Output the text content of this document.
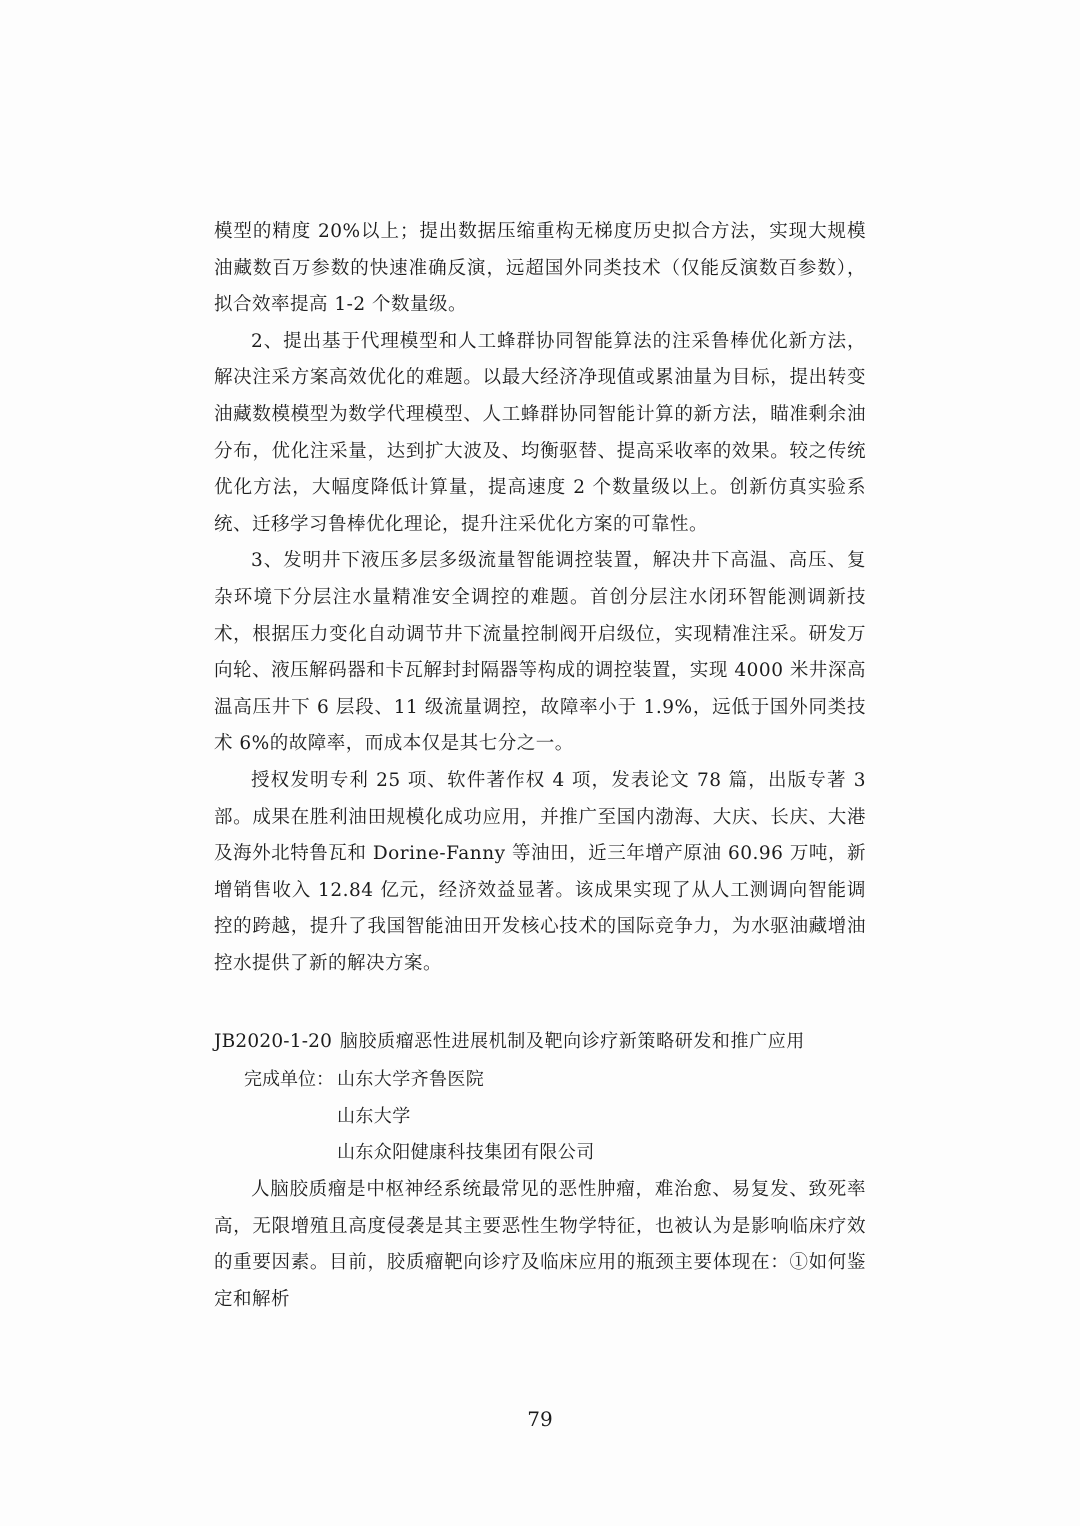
模型的精度 20%以上；提出数据压缩重构无梯度历史拟合方法，实现大规模油藏数百万参数的快速准确反演，远超国外同类技术（仅能反演数百参数），拟合效率提高 1-2 个数量级。

2、提出基于代理模型和人工蜂群协同智能算法的注采鲁棒优化新方法，解决注采方案高效优化的难题。以最大经济净现值或累油量为目标，提出转变油藏数模模型为数学代理模型、人工蜂群协同智能计算的新方法，瞄准剩余油分布，优化注采量，达到扩大波及、均衡驱替、提高采收率的效果。较之传统优化方法，大幅度降低计算量，提高速度 2 个数量级以上。创新仿真实验系统、迁移学习鲁棒优化理论，提升注采优化方案的可靠性。

3、发明井下液压多层多级流量智能调控装置，解决井下高温、高压、复杂环境下分层注水量精准安全调控的难题。首创分层注水闭环智能测调新技术，根据压力变化自动调节井下流量控制阀开启级位，实现精准注采。研发万向轮、液压解码器和卡瓦解封封隔器等构成的调控装置，实现 4000 米井深高温高压井下 6 层段、11 级流量调控，故障率小于 1.9%，远低于国外同类技术 6%的故障率，而成本仅是其七分之一。

授权发明专利 25 项、软件著作权 4 项，发表论文 78 篇，出版专著 3 部。成果在胜利油田规模化成功应用，并推广至国内渤海、大庆、长庆、大港及海外北特鲁瓦和 Dorine-Fanny 等油田，近三年增产原油 60.96 万吨，新增销售收入 12.84 亿元，经济效益显著。该成果实现了从人工测调向智能调控的跨越，提升了我国智能油田开发核心技术的国际竞争力，为水驱油藏增油控水提供了新的解决方案。

JB2020-1-20 脑胶质瘤恶性进展机制及靶向诊疗新策略研发和推广应用
完成单位： 山东大学齐鲁医院
山东大学
山东众阳健康科技集团有限公司

人脑胶质瘤是中枢神经系统最常见的恶性肿瘤，难治愈、易复发、致死率高，无限增殖且高度侵袭是其主要恶性生物学特征，也被认为是影响临床疗效的重要因素。目前，胶质瘤靶向诊疗及临床应用的瓶颈主要体现在：①如何鉴定和解析

79
